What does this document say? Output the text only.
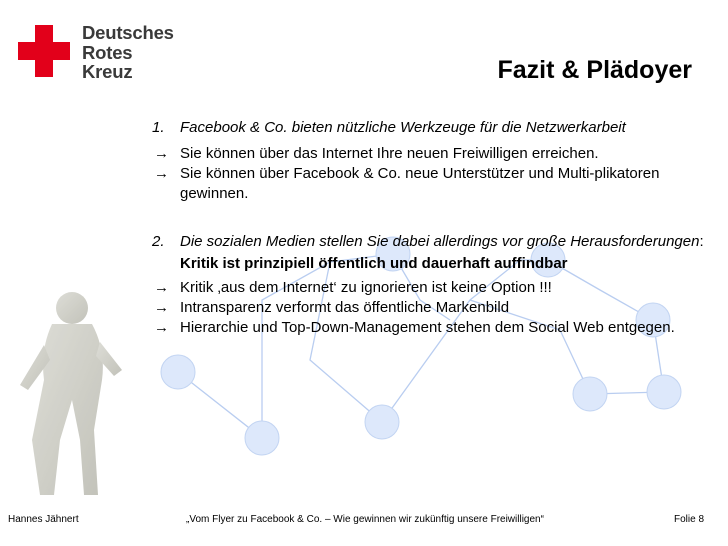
Deutsches
Rotes
Kreuz	Fazit & Plädoyer
1. Facebook & Co. bieten nützliche Werkzeuge für die Netzwerkarbeit
→ Sie können über das Internet Ihre neuen Freiwilligen erreichen.
→ Sie können über Facebook & Co. neue Unterstützer und Multi-plikatoren gewinnen.
2. Die sozialen Medien stellen Sie dabei allerdings vor große Herausforderungen:
Kritik ist prinzipiell öffentlich und dauerhaft auffindbar
→ Kritik ‚aus dem Internet‘ zu ignorieren ist keine Option !!!
→ Intransparenz verformt das öffentliche Markenbild
→ Hierarchie und Top-Down-Management stehen dem Social Web entgegen.
Hannes Jähnert	„Vom Flyer zu Facebook & Co. – Wie gewinnen wir zukünftig unsere Freiwilligen“	Folie 8
